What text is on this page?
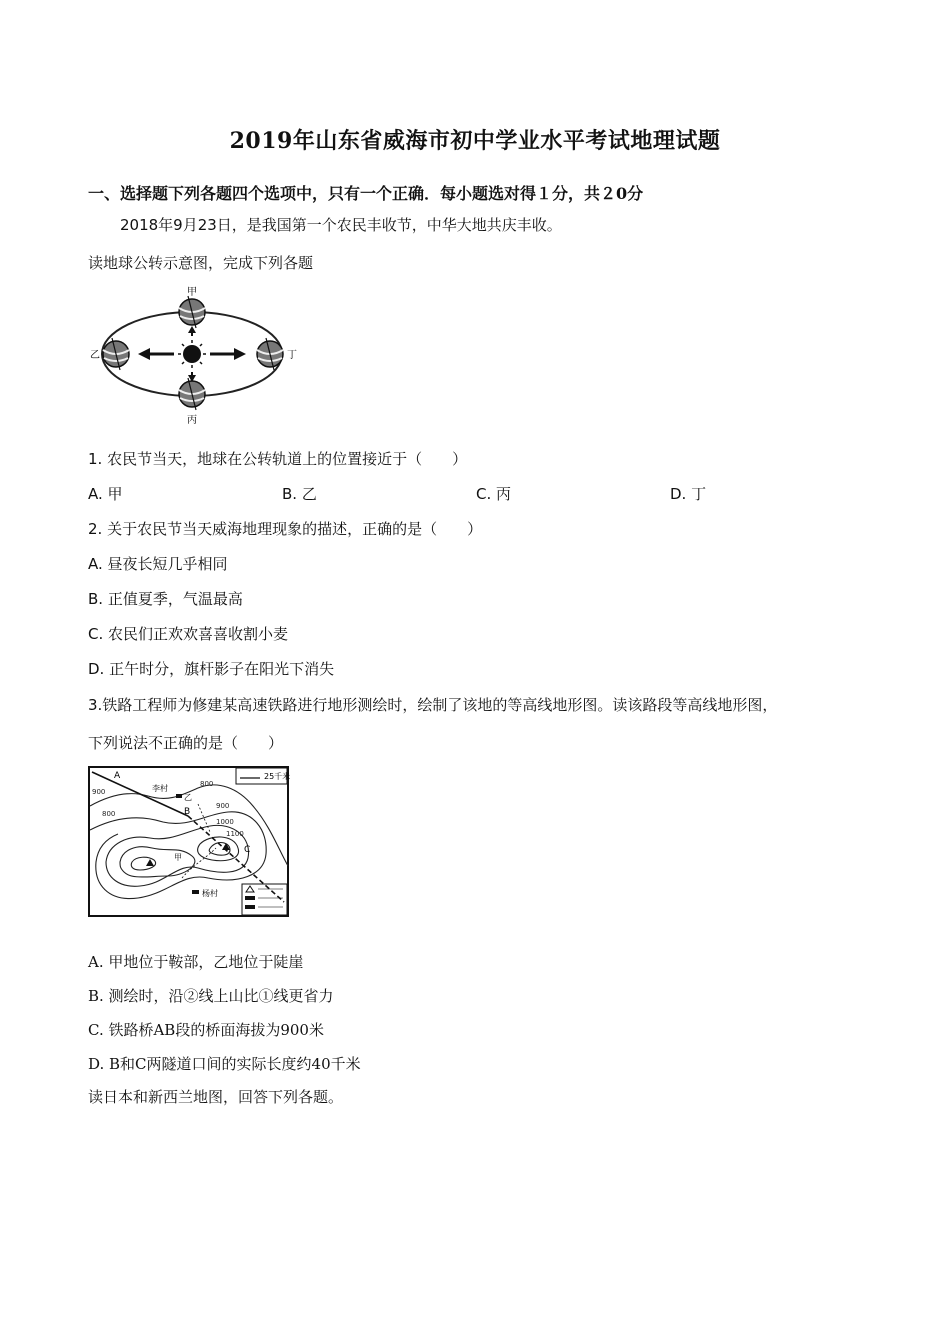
2019年山东省威海市初中学业水平考试地理试题
一、选择题下列各题四个选项中，只有一个正确．每小题选对得１分，共２0分
2018年9月23日，是我国第一个农民丰收节，中华大地共庆丰收。
读地球公转示意图，完成下列各题
甲
乙
丙
丁
1. 农民节当天，地球在公转轨道上的位置接近于（　　）
A. 甲	B. 乙	C. 丙	D. 丁
2. 关于农民节当天威海地理现象的描述，正确的是（　　）
A. 昼夜长短几乎相同
B. 正值夏季，气温最高
C. 农民们正欢欢喜喜收割小麦
D. 正午时分，旗杆影子在阳光下消失
3.铁路工程师为修建某高速铁路进行地形测绘时，绘制了该地的等高线地形图。读该路段等高线地形图，
下列说法不正确的是（　　）
25千米
李村
杨村
A
B
C
甲
乙
900
800
800
900
1000
1100
A. 甲地位于鞍部，乙地位于陡崖
B. 测绘时，沿②线上山比①线更省力
C. 铁路桥AB段的桥面海拔为900米
D. B和C两隧道口间的实际长度约40千米
读日本和新西兰地图，回答下列各题。
